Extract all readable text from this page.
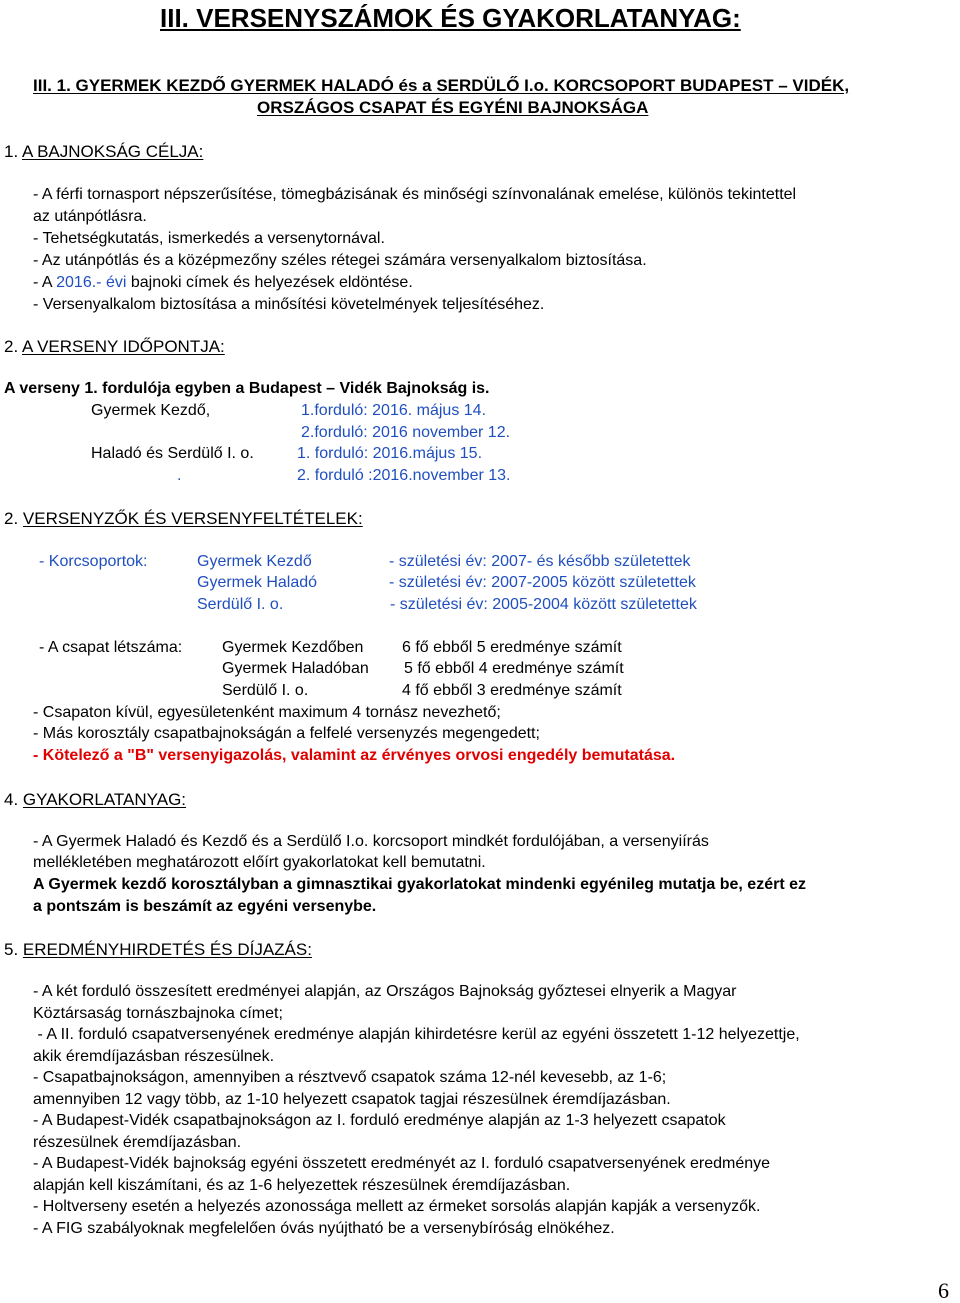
III. VERSENYSZÁMOK ÉS GYAKORLATANYAG:
III. 1. GYERMEK KEZDŐ GYERMEK HALADÓ és a SERDÜLŐ I.o. KORCSOPORT BUDAPEST – VIDÉK,
ORSZÁGOS CSAPAT ÉS EGYÉNI BAJNOKSÁGA
1. A BAJNOKSÁG CÉLJA:
- A férfi tornasport népszerűsítése, tömegbázisának és minőségi színvonalának emelése, különös tekintettel
az utánpótlásra.
- Tehetségkutatás, ismerkedés a versenytornával.
- Az utánpótlás és a középmezőny széles rétegei számára versenyalkalom biztosítása.
- A 2016.- évi bajnoki címek és helyezések eldöntése.
- Versenyalkalom biztosítása a minősítési követelmények teljesítéséhez.
2. A VERSENY IDŐPONTJA:
A verseny 1. fordulója egyben a Budapest – Vidék Bajnokság is.
Gyermek Kezdő,	1.forduló: 2016. május 14.
2.forduló: 2016 november 12.
Haladó és Serdülő I. o.	1. forduló: 2016.május 15.
.	2. forduló :2016.november 13.
2. VERSENYZŐK ÉS VERSENYFELTÉTELEK:
- Korcsoportok:	Gyermek Kezdő	- születési év: 2007- és később születettek
Gyermek Haladó	- születési év: 2007-2005 között születettek
Serdülő I. o.	- születési év: 2005-2004 között születettek
- A csapat létszáma: Gyermek Kezdőben 6 fő ebből 5 eredménye számít
Gyermek Haladóban 5 fő ebből 4 eredménye számít
Serdülő I. o.	4 fő ebből 3 eredménye számít
- Csapaton kívül, egyesületenként maximum 4 tornász nevezhető;
- Más korosztály csapatbajnokságán a felfelé versenyzés megengedett;
- Kötelező a "B" versenyigazolás, valamint az érvényes orvosi engedély bemutatása.
4. GYAKORLATANYAG:
- A Gyermek Haladó és Kezdő és a Serdülő I.o. korcsoport mindkét fordulójában, a versenyiírás
mellékletében meghatározott előírt gyakorlatokat kell bemutatni.
A Gyermek kezdő korosztályban a gimnasztikai gyakorlatokat mindenki egyénileg mutatja be, ezért ez
a pontszám is beszámít az egyéni versenybe.
5. EREDMÉNYHIRDETÉS ÉS DÍJAZÁS:
- A két forduló összesített eredményei alapján, az Országos Bajnokság győztesei elnyerik a Magyar
Köztársaság tornászbajnoka címet;
- A II. forduló csapatversenyének eredménye alapján kihirdetésre kerül az egyéni összetett 1-12 helyezettje,
akik éremdíjazásban részesülnek.
- Csapatbajnokságon, amennyiben a résztvevő csapatok száma 12-nél kevesebb, az 1-6;
amennyiben 12 vagy több, az 1-10 helyezett csapatok tagjai részesülnek éremdíjazásban.
- A Budapest-Vidék csapatbajnokságon az I. forduló eredménye alapján az 1-3 helyezett csapatok
részesülnek éremdíjazásban.
- A Budapest-Vidék bajnokság egyéni összetett eredményét az I. forduló csapatversenyének eredménye
alapján kell kiszámítani, és az 1-6 helyezettek részesülnek éremdíjazásban.
- Holtverseny esetén a helyezés azonossága mellett az érmeket sorsolás alapján kapják a versenyzők.
- A FIG szabályoknak megfelelően óvás nyújtható be a versenybíróság elnökéhez.
6
